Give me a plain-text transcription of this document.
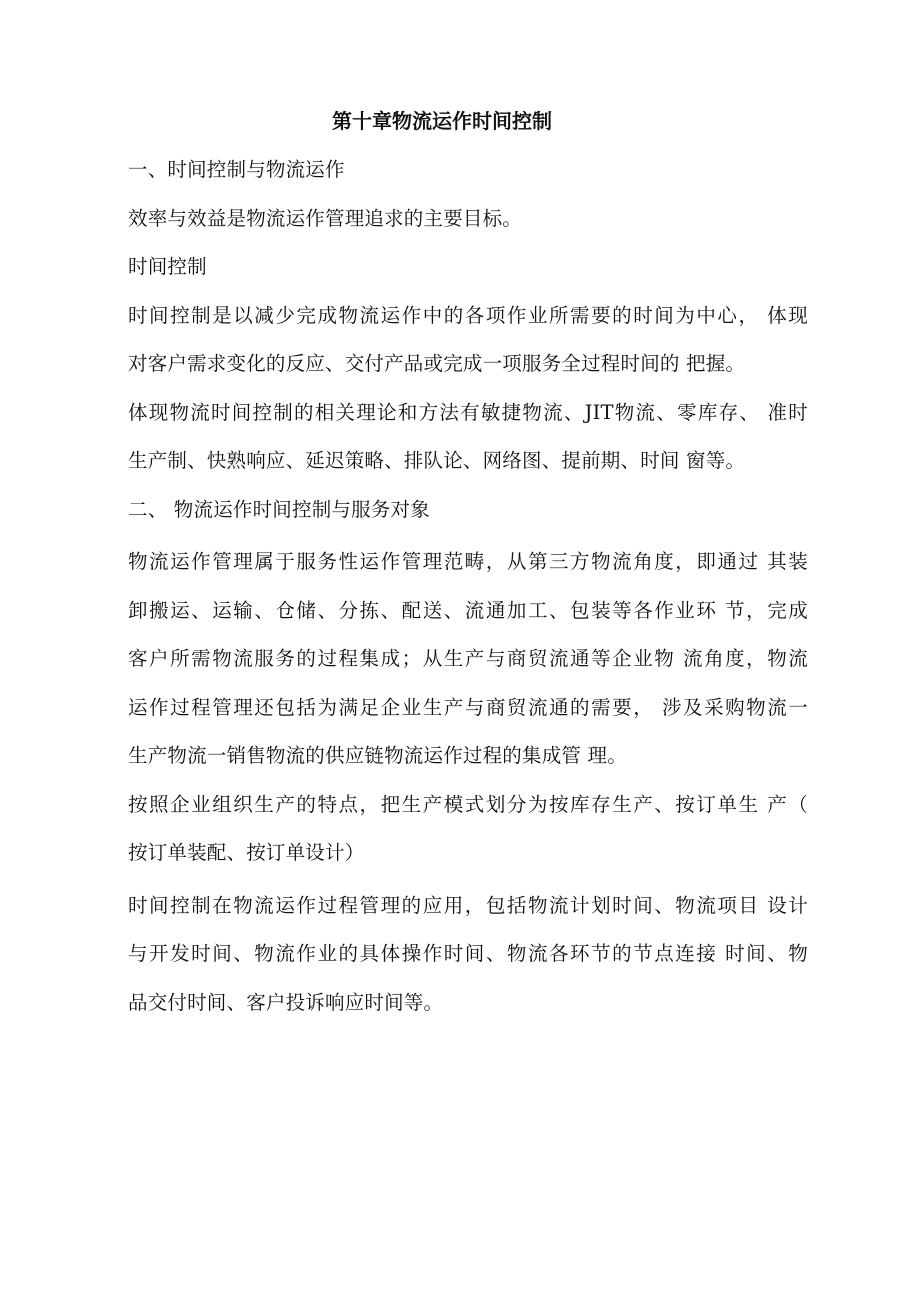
第十章物流运作时间控制

一、时间控制与物流运作

效率与效益是物流运作管理追求的主要目标。

时间控制

时间控制是以减少完成物流运作中的各项作业所需要的时间为中心， 体现

对客户需求变化的反应、交付产品或完成一项服务全过程时间的 把握。

体现物流时间控制的相关理论和方法有敏捷物流、JIT物流、零库存、 准时

生产制、快熟响应、延迟策略、排队论、网络图、提前期、时间 窗等。

二、 物流运作时间控制与服务对象

物流运作管理属于服务性运作管理范畴，从第三方物流角度，即通过 其装

卸搬运、运输、仓储、分拣、配送、流通加工、包装等各作业环 节，完成

客户所需物流服务的过程集成；从生产与商贸流通等企业物 流角度，物流

运作过程管理还包括为满足企业生产与商贸流通的需要， 涉及采购物流一

生产物流一销售物流的供应链物流运作过程的集成管 理。

按照企业组织生产的特点，把生产模式划分为按库存生产、按订单生 产（

按订单装配、按订单设计）

时间控制在物流运作过程管理的应用，包括物流计划时间、物流项目 设计

与开发时间、物流作业的具体操作时间、物流各环节的节点连接 时间、物

品交付时间、客户投诉响应时间等。
